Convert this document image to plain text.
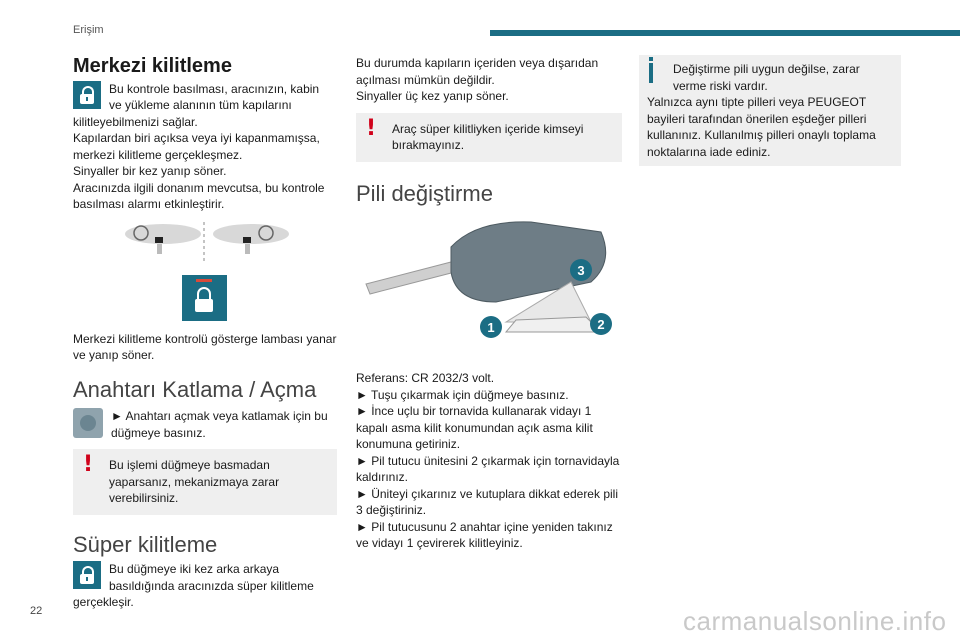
Erişim
Merkezi kilitleme

Bu kontrole basılması, aracınızın, kabin

ve yükleme alanının tüm kapılarını

kilitleyebilmenizi sağlar.

Kapılardan biri açıksa veya iyi kapanmamışsa,

merkezi kilitleme gerçekleşmez.

Sinyaller bir kez yanıp söner.

Aracınızda ilgili donanım mevcutsa, bu kontrole

basılması alarmı etkinleştirir.

Merkezi kilitleme kontrolü gösterge lambası yanar ve yanıp söner.

Anahtarı Katlama / Açma

► Anahtarı açmak veya katlamak için bu düğmeye basınız.

!	Bu işlemi düğmeye basmadan yaparsanız, mekanizmaya zarar verebilirsiniz.

Süper kilitleme

Bu düğmeye iki kez arka arkaya basıldığında aracınızda süper kilitleme gerçekleşir.

Bu durumda kapıların içeriden veya dışarıdan açılması mümkün değildir.

Sinyaller üç kez yanıp söner.

!	Araç süper kilitliyken içeride kimseyi bırakmayınız.

Pili değiştirme
1	2
3

Referans: CR 2032/3 volt.

► Tuşu çıkarmak için düğmeye basınız.

► İnce uçlu bir tornavida kullanarak vidayı 1 kapalı asma kilit konumundan açık asma kilit konumuna getiriniz.

► Pil tutucu ünitesini 2 çıkarmak için tornavidayla kaldırınız.

► Üniteyi çıkarınız ve kutuplara dikkat ederek pili 3 değiştiriniz.

► Pil tutucusunu 2 anahtar içine yeniden takınız ve vidayı 1 çevirerek kilitleyiniz.

Değiştirme pili uygun değilse, zarar verme riski vardır.

Yalnızca aynı tipte pilleri veya PEUGEOT bayileri tarafından önerilen eşdeğer pilleri kullanınız. Kullanılmış pilleri onaylı toplama noktalarına iade ediniz.

22	carmanualsonline.info
